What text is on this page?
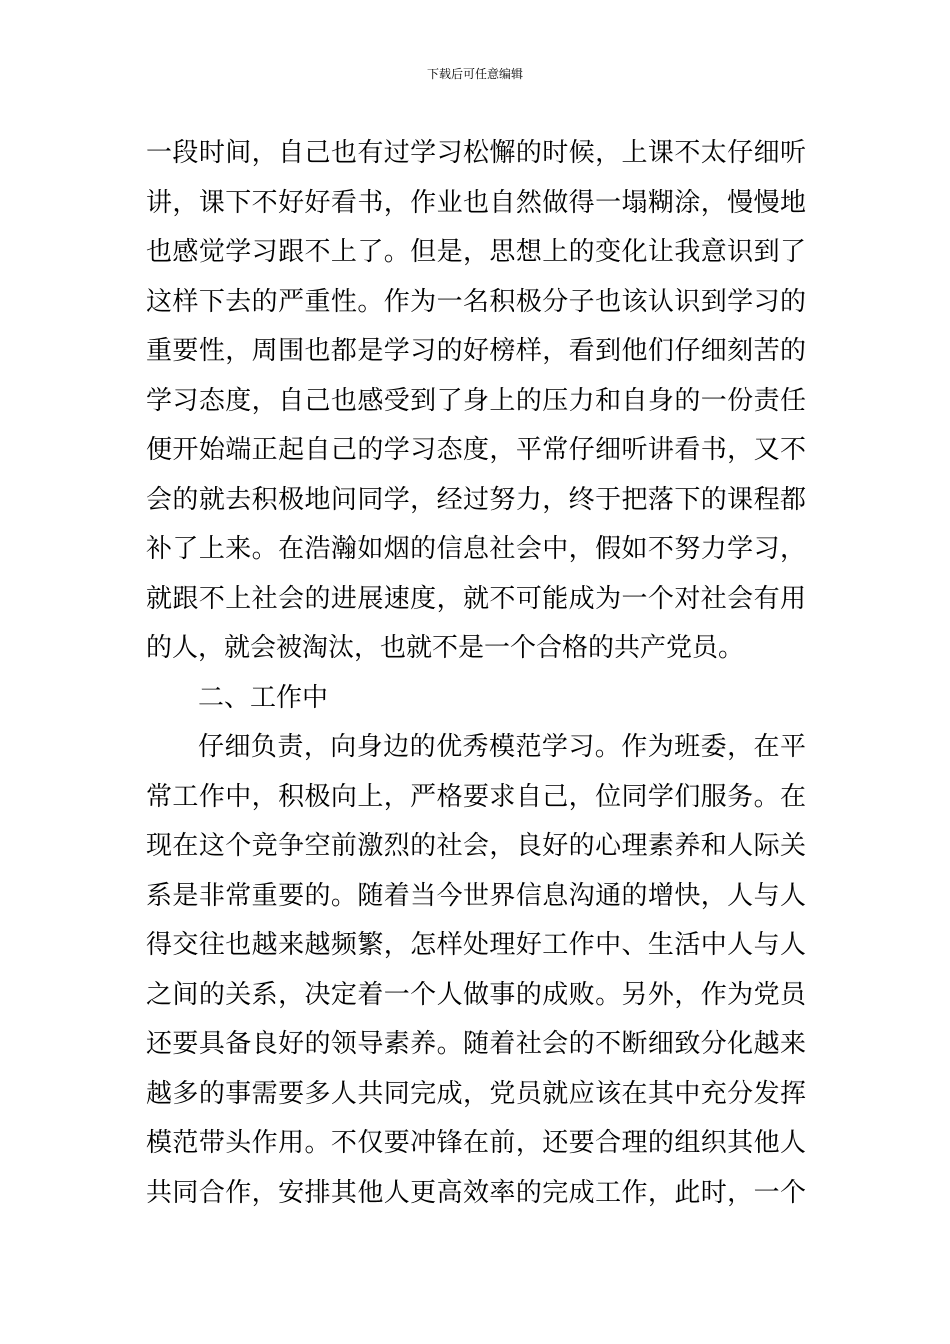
下载后可任意编辑
一段时间，自己也有过学习松懈的时候，上课不太仔细听
讲，课下不好好看书，作业也自然做得一塌糊涂，慢慢地
也感觉学习跟不上了。但是，思想上的变化让我意识到了
这样下去的严重性。作为一名积极分子也该认识到学习的
重要性，周围也都是学习的好榜样，看到他们仔细刻苦的
学习态度，自己也感受到了身上的压力和自身的一份责任
便开始端正起自己的学习态度，平常仔细听讲看书，又不
会的就去积极地问同学，经过努力，终于把落下的课程都
补了上来。在浩瀚如烟的信息社会中，假如不努力学习，
就跟不上社会的进展速度，就不可能成为一个对社会有用
的人，就会被淘汰，也就不是一个合格的共产党员。
二、工作中
仔细负责，向身边的优秀模范学习。作为班委，在平
常工作中，积极向上，严格要求自己，位同学们服务。在
现在这个竞争空前激烈的社会，良好的心理素养和人际关
系是非常重要的。随着当今世界信息沟通的增快，人与人
得交往也越来越频繁，怎样处理好工作中、生活中人与人
之间的关系，决定着一个人做事的成败。另外，作为党员
还要具备良好的领导素养。随着社会的不断细致分化越来
越多的事需要多人共同完成，党员就应该在其中充分发挥
模范带头作用。不仅要冲锋在前，还要合理的组织其他人
共同合作，安排其他人更高效率的完成工作，此时，一个
